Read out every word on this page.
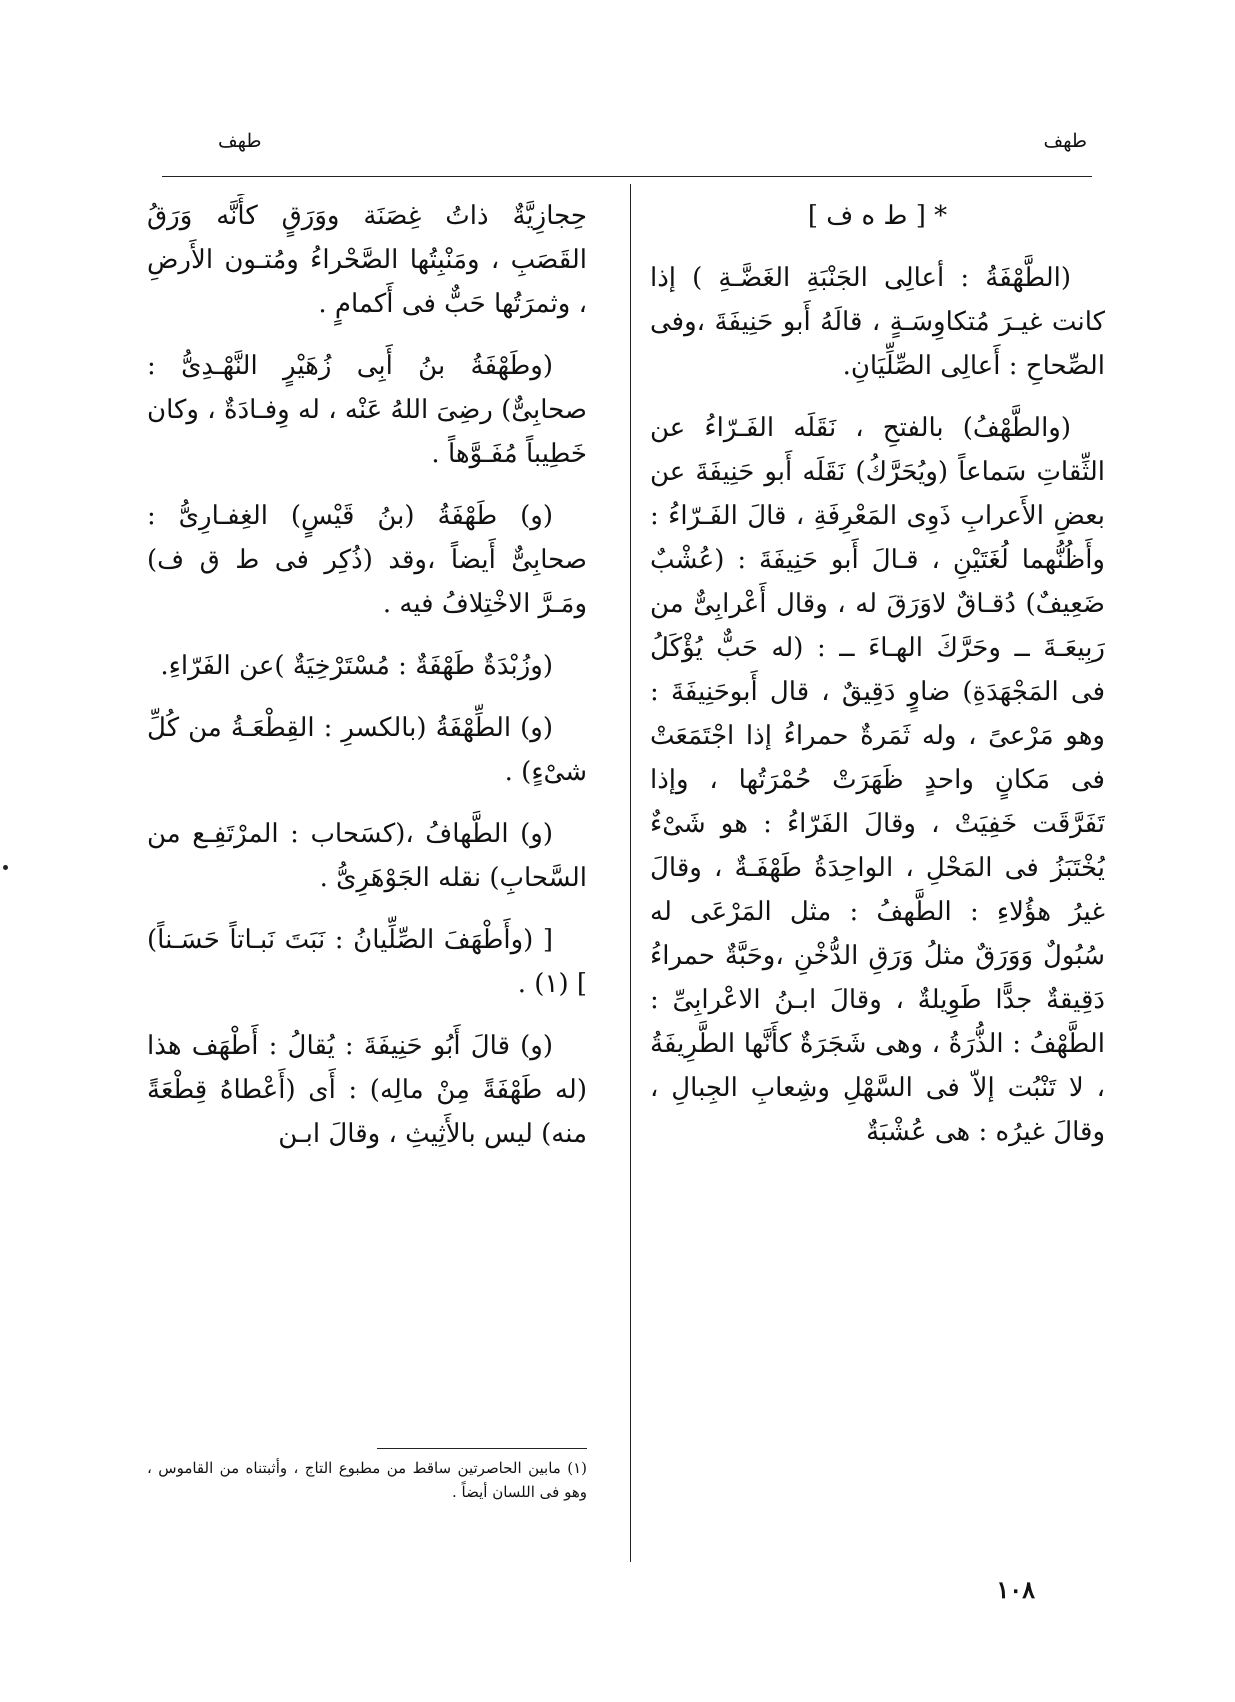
طهف
طهف

* [ ط ه ف ]

(الطَّهْفَةُ : أعالِى الجَنْبَةِ الغَضَّـةِ ) إذا كانت غيـرَ مُتكاوِسَـةٍ ، قالَهُ أَبو حَنِيفَةَ ،وفى الصِّحاحِ : أَعالِى الصِّلِّيَانِ.

(والطَّهْفُ) بالفتحِ ، نَقَلَه الفَـرّاءُ عن الثِّقاتِ سَماعاً (ويُحَرَّكُ) نَقَلَه أَبو حَنِيفَةَ عن بعضِ الأَعرابِ ذَوِى المَعْرِفَةِ ، قالَ الفَـرّاءُ : وأَظُنُّهما لُغَتَيْنِ ، قـالَ أَبو حَنِيفَةَ : (عُشْبٌ ضَعِيفٌ) دُقـاقٌ لاوَرَقَ له ، وقال أَعْرابِىٌّ من رَبِيعَـةَ ــ وحَرَّكَ الهـاءَ ــ : (له حَبٌّ يُؤْكَلُ فى المَجْهَدَةِ) ضاوٍ دَقِيقٌ ، قال أَبوحَنِيفَةَ : وهو مَرْعىً ، وله ثَمَرةٌ حمراءُ إذا اجْتَمَعَتْ فى مَكانٍ واحدٍ ظَهَرَتْ حُمْرَتُها ، وإذا تَفَرَّقَت خَفِيَتْ ، وقالَ الفَرّاءُ : هو شَىْءٌ يُخْتَبَزُ فى المَحْلِ ، الواحِدَةُ طَهْفَـةٌ ، وقالَ غيرُ هؤُلاءِ : الطَّهفُ : مثل المَرْعَى له سُبُولٌ وَوَرَقٌ مثلُ وَرَقِ الدُّخْنِ ،وحَبَّةٌ حمراءُ دَقِيقةٌ جدًّا طَوِيلةٌ ، وقالَ ابـنُ الاعْرابِىِّ : الطَّهْفُ : الذُّرَةُ ، وهى شَجَرَةٌ كأَنَّها الطَّرِيفَةُ ، لا تَنْبُت إلاّ فى السَّهْلِ وشِعابِ الجِبالِ ، وقالَ غيرُه : هى عُشْبَةٌ

حِجازِيَّةٌ ذاتُ غِصَنَة ووَرَقٍ كأَنَّه وَرَقُ القَصَبِ ، ومَنْبِتُها الصَّحْراءُ ومُتـون الأَرضِ ، وثمرَتُها حَبٌّ فى أَكمامٍ .

(وطَهْفَةُ بنُ أَبِى زُهَيْرٍ النَّهْـدِىُّ : صحابِىٌّ) رضِىَ اللهُ عَنْه ، له وِفـادَةٌ ، وكان خَطِيباً مُفَـوَّهاً .

(و) طَهْفَةُ (بنُ قَيْسٍ) الغِفـارِىُّ : صحابِىٌّ أَيضاً ،وقد (ذُكِر فى ط ق ف) ومَـرَّ الاخْتِلافُ فيه .

(وزُبْدَةٌ طَهْفَةٌ : مُسْتَرْخِيَةٌ )عن الفَرّاءِ.

(و) الطِّهْفَةُ (بالكسرِ : القِطْعَـةُ من كُلِّ شىْءٍ) .

(و) الطَّهافُ ،(كسَحاب : المرْتَفِـع من السَّحابِ) نقله الجَوْهَرِىُّ .

[ (وأَطْهَفَ الصِّلِّيانُ : نَبَتَ نَبـاتاً حَسَـناً) ] (١) .

(و) قالَ أَبُو حَنِيفَةَ : يُقالُ : أَطْهَف هذا (له طَهْفَةً مِنْ مالِه) : أَى (أَعْطاهُ قِطْعَةً منه) ليس بالأَثِيثِ ، وقالَ ابـن

(١) مابين الحاصرتين ساقط من مطبوع التاج ، وأثبتناه من القاموس ، وهو فى اللسان أيضاً .
١٠٨
